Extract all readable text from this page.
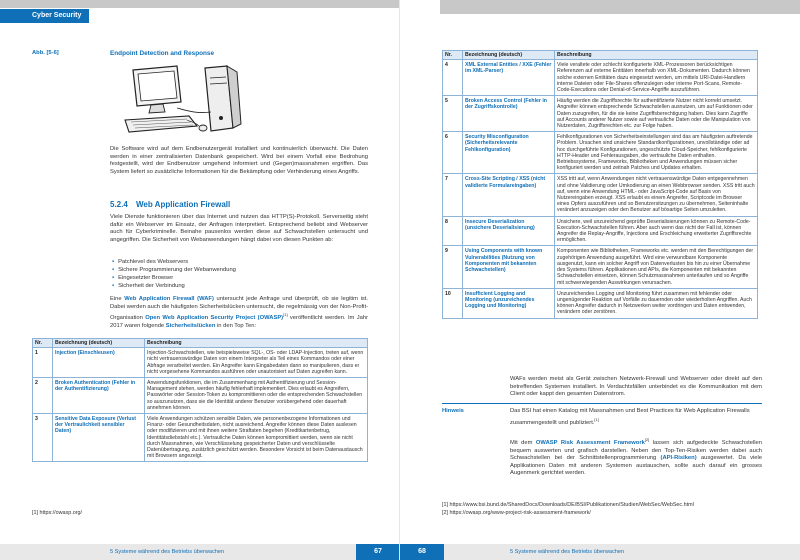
Cyber Security
Abb. [5-6]	Endpoint Detection and Response
Die Software wird auf dem Endbenutzergerät installiert und kontinuierlich überwacht. Die Daten werden in einer zentralisierten Datenbank gespeichert. Wird bei einem Vorfall eine Bedrohung festgestellt, wird der Endbenutzer umgehend informiert und (Gegen)massnahmen ergriffen. Das System liefert so zusätzliche Informationen für die Bekämpfung oder Verhinderung eines Angriffs.
5.2.4 Web Application Firewall
Viele Dienste funktionieren über das Internet und nutzen das HTTP(S)-Protokoll. Serverseitig steht dafür ein Webserver im Einsatz, der Anfragen interpretiert. Entsprechend beliebt sind Webserver auch für Cyberkriminelle. Beinahe pausenlos werden diese auf Schwachstellen untersucht und angegriffen. Die Sicherheit von Webanwendungen hängt dabei von diesen Punkten ab:
▪ Patchlevel des Webservers
▪ Sichere Programmierung der Webanwendung
▪ Eingesetzter Browser
▪ Sicherheit der Verbindung
Eine Web Application Firewall (WAF) untersucht jede Anfrage und überprüft, ob sie legitim ist. Dabei werden auch die häufigsten Sicherheitslücken untersucht, die regelmässig von der Non-Profit-Organisation Open Web Application Security Project (OWASP)[1] veröffentlicht werden. Im Jahr 2017 waren folgende Sicherheitslücken in den Top Ten:
Nr.	Bezeichnung (deutsch)	Beschreibung
1	Injection (Einschleusen)	Injection-Schwachstellen, wie beispielsweise SQL-, OS- oder LDAP-Injection, treten auf, wenn nicht vertrauenswürdige Daten von einem Interpreter als Teil eines Kommandos oder einer Abfrage verarbeitet werden. Ein Angreifer kann Eingabedaten dann so manipulieren, dass er nicht vorgesehene Kommandos ausführen oder unautorisiert auf Daten zugreifen kann.
2	Broken Authentication (Fehler in der Authentifizierung)	Anwendungsfunktionen, die im Zusammenhang mit Authentifizierung und Session-Management stehen, werden häufig fehlerhaft implementiert. Dies erlaubt es Angreifern, Passwörter oder Session-Token zu kompromittieren oder die entsprechenden Schwachstellen so auszunutzen, dass sie die Identität anderer Benutzer vorübergehend oder dauerhaft annehmen können.
3	Sensitive Data Exposure (Verlust der Vertraulichkeit sensibler Daten)	Viele Anwendungen schützen sensible Daten, wie personenbezogene Informationen und Finanz- oder Gesundheitsdaten, nicht ausreichend. Angreifer können diese Daten auslesen oder modifizieren und mit ihnen weitere Straftaten begehen (Kreditkartenbetrug, Identitätsdiebstahl etc.). Vertrauliche Daten können kompromittiert werden, wenn sie nicht durch Massnahmen, wie Verschlüsselung gespeicherter Daten und verschlüsselte Datenübertragung, zusätzlich geschützt werden. Besondere Vorsicht ist beim Datenaustausch mit Browsern angezeigt.
[1] https://owasp.org/
5 Systeme während des Betriebs überwachen	67
Nr.	Bezeichnung (deutsch)	Beschreibung
4	XML External Entities / XXE (Fehler im XML-Parser)	Viele veraltete oder schlecht konfigurierte XML-Prozessoren berücksichtigen Referenzen auf externe Entitäten innerhalb von XML-Dokumenten. Dadurch können solche externen Entitäten dazu eingesetzt werden, um mittels URI-Datei-Handlern interne Dateien oder File-Shares offenzulegen oder interne Port-Scans, Remote-Code-Executions oder Denial-of-Service-Angriffe auszuführen.
5	Broken Access Control (Fehler in der Zugriffskontrolle)	Häufig werden die Zugriffsrechte für authentifizierte Nutzer nicht korrekt umsetzt. Angreifer können entsprechende Schwachstellen ausnutzen, um auf Funktionen oder Daten zuzugreifen, für die sie keine Zugriffsberechtigung haben. Dies kann Zugriffe auf Accounts anderer Nutzer sowie auf vertrauliche Daten oder die Manipulation von Nutzerdaten, Zugriffsrechten etc. zur Folge haben.
6	Security Misconfiguration (Sicherheitsrelevante Fehlkonfiguration)	Fehlkonfigurationen von Sicherheitseinstellungen sind das am häufigsten auftretende Problem. Ursachen sind unsichere Standardkonfigurationen, unvollständige oder ad hoc durchgeführte Konfigurationen, ungeschützte Cloud-Speicher, fehlkonfigurierte HTTP-Header und Fehlerausgaben, die vertrauliche Daten enthalten. Betriebssysteme, Frameworks, Bibliotheken und Anwendungen müssen sicher konfiguriert werden und zeitnah Patches und Updates erhalten.
7	Cross-Site Scripting / XSS (nicht validierte Formulareingaben)	XSS tritt auf, wenn Anwendungen nicht vertrauenswürdige Daten entgegennehmen und ohne Validierung oder Umkodierung an einen Webbrowser senden. XSS tritt auch auf, wenn eine Anwendung HTML- oder JavaScript-Code auf Basis von Nutzereingaben erzeugt. XSS erlaubt es einem Angreifer, Scriptcode im Browser eines Opfers auszuführen und so Benutzersitzungen zu übernehmen, Seiteninhalte verändert anzuzeigen oder den Benutzer auf bösartige Seiten umzuleiten.
8	Insecure Deserialization (unsichere Deserialisierung)	Unsichere, weil unzureichend geprüfte Deserialisierungen können zu Remote-Code-Execution-Schwachstellen führen. Aber auch wenn das nicht der Fall ist, können Angreifer die Replay-Angriffe, Injections und Erschleichung erweiterter Zugriffsrechte ermöglichen.
9	Using Components with known Vulnerabilities (Nutzung von Komponenten mit bekannten Schwachstellen)	Komponenten wie Bibliotheken, Frameworks etc. werden mit den Berechtigungen der zugehörigen Anwendung ausgeführt. Wird eine verwundbare Komponente ausgenutzt, kann ein solcher Angriff von Datenverlusten bis hin zu einer Übernahme des Systems führen. Applikationen und APIs, die Komponenten mit bekannten Schwachstellen einsetzen, können Schutzmassnahmen unterlaufen und so Angriffe mit schwerwiegenden Auswirkungen verursachen.
10	Insufficient Logging and Monitoring (unzureichendes Logging und Monitoring)	Unzureichendes Logging und Monitoring führt zusammen mit fehlender oder ungenügender Reaktion auf Vorfälle zu dauernden oder wiederholten Angriffen. Auch können Angreifer dadurch in Netzwerken weiter vordringen und Daten entwenden, verändern oder zerstören.
WAFs werden meist als Gerät zwischen Netzwerk-Firewall und Webserver oder direkt auf den betreffenden Systemen installiert. In Verdachtsfällen unterbindet es die Kommunikation mit dem Client oder kappt den gesamten Datenstrom.
Hinweis	Das BSI hat einen Katalog mit Massnahmen und Best Practices für Web Application Firewalls zusammengestellt und publiziert.[1]
Mit dem OWASP Risk Assessment Framework[2] lassen sich aufgedeckte Schwachstellen bequem auswerten und grafisch darstellen. Neben den Top-Ten-Risiken werden dabei auch Schwachstellen bei der Schnittstellenprogrammierung (API-Risiken) ausgewertet. Da viele Applikationen Daten mit anderen Systemen austauschen, sollte auch darauf ein grosses Augenmerk gerichtet werden.
[1] https://www.bsi.bund.de/SharedDocs/Downloads/DE/BSI/Publikationen/Studien/WebSec/WebSec.html
[2] https://owasp.org/www-project-risk-assessment-framework/
68	5 Systeme während des Betriebs überwachen
